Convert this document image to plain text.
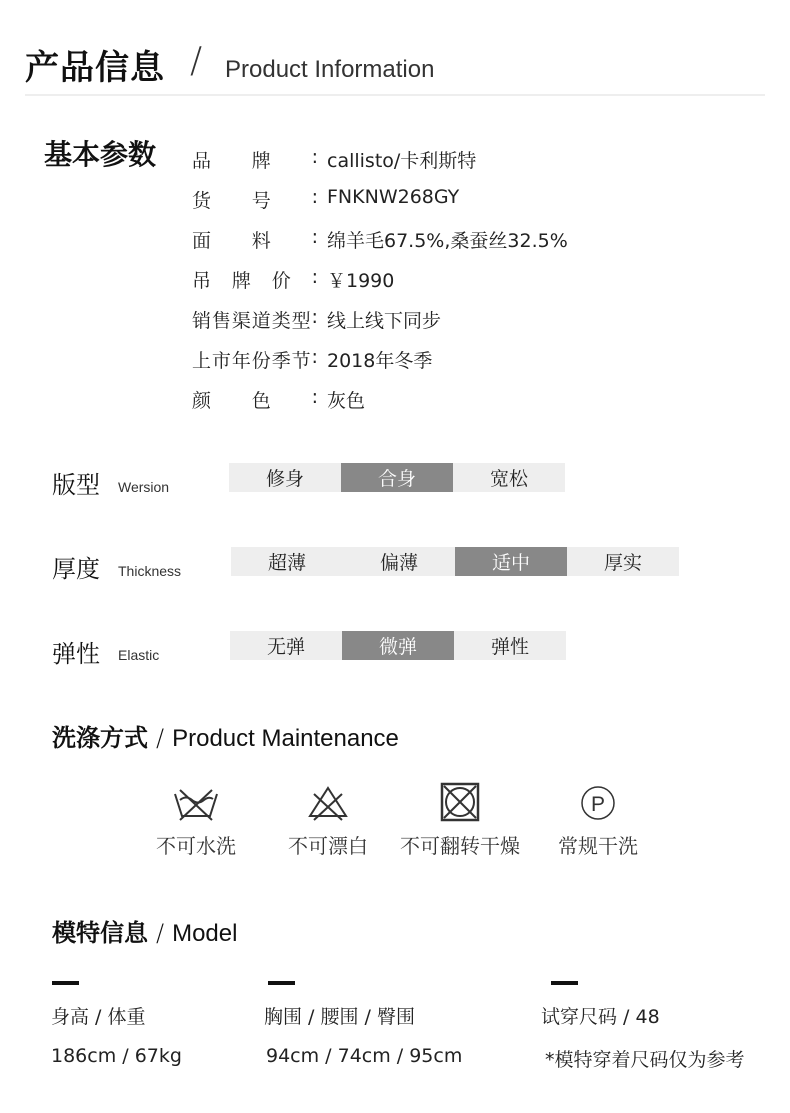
产品信息 / Product Information
基本参数 品 牌 : callisto/卡利斯特
货 号 : FNKNW268GY
面 料 : 绵羊毛67.5%,桑蚕丝32.5%
吊 牌 价 : ￥1990
销 售 渠 道 类 型 : 线上线下同步
上 市 年 份 季 节 : 2018年冬季
颜 色 : 灰色
版型 Wersion	修身	合身	宽松
厚度 Thickness	超薄	偏薄	适中	厚实
弹性 Elastic	无弹	微弹	弹性
洗涤方式 / Product Maintenance
不可水洗	不可漂白	不可翻转干燥
P
常规干洗
模特信息 / Model
身高 / 体重	胸围 / 腰围 / 臀围	试穿尺码 / 48
186cm / 67kg	94cm / 74cm / 95cm	*模特穿着尺码仅为参考
